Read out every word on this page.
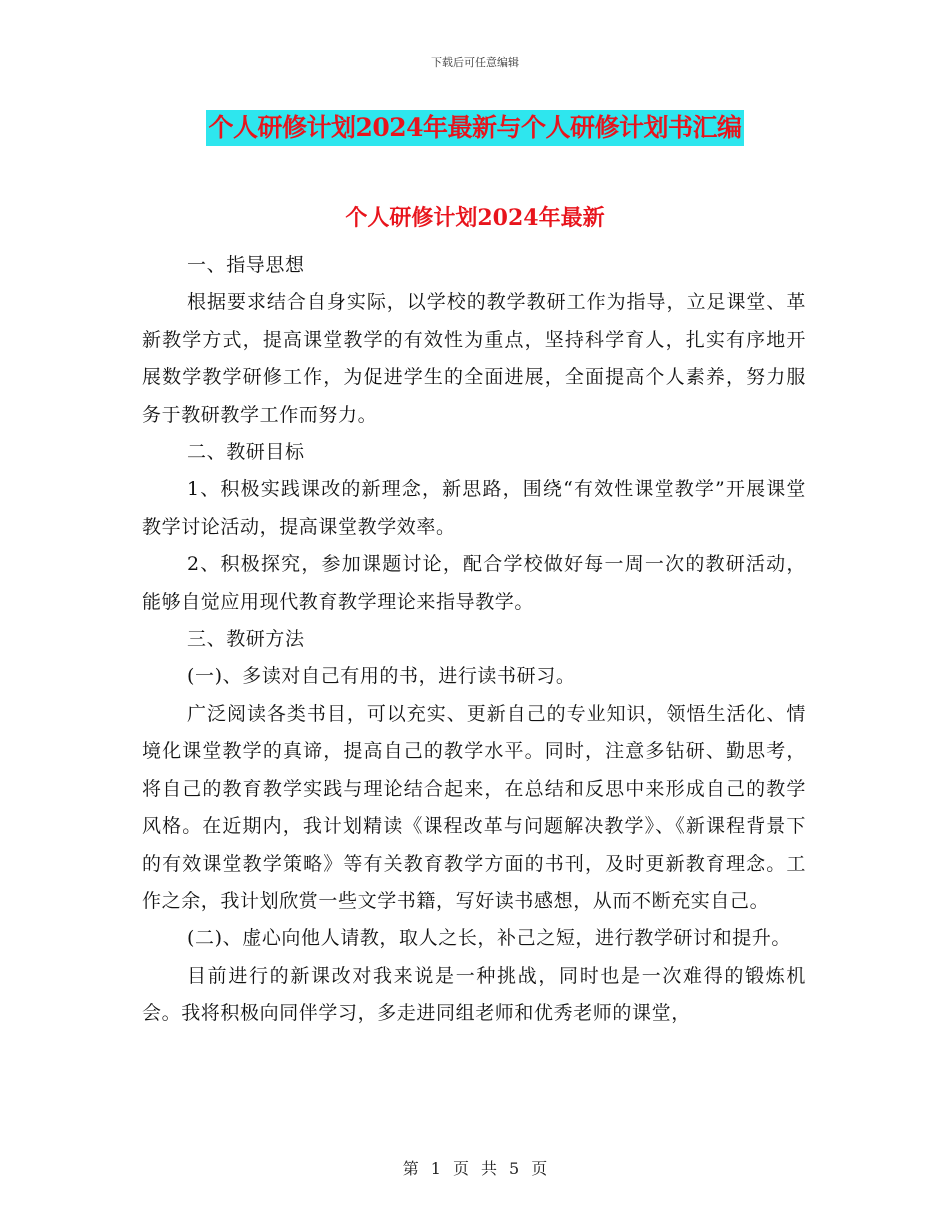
下载后可任意编辑
个人研修计划2024年最新与个人研修计划书汇编
个人研修计划2024年最新

一、指导思想

根据要求结合自身实际，以学校的教学教研工作为指导，立足课堂、革新教学方式，提高课堂教学的有效性为重点，坚持科学育人，扎实有序地开展数学教学研修工作，为促进学生的全面进展，全面提高个人素养，努力服务于教研教学工作而努力。

二、教研目标

1、积极实践课改的新理念，新思路，围绕“有效性课堂教学”开展课堂教学讨论活动，提高课堂教学效率。

2、积极探究，参加课题讨论，配合学校做好每一周一次的教研活动，能够自觉应用现代教育教学理论来指导教学。

三、教研方法

(一)、多读对自己有用的书，进行读书研习。

广泛阅读各类书目，可以充实、更新自己的专业知识，领悟生活化、情境化课堂教学的真谛，提高自己的教学水平。同时，注意多钻研、勤思考，将自己的教育教学实践与理论结合起来，在总结和反思中来形成自己的教学风格。在近期内，我计划精读《课程改革与问题解决教学》、《新课程背景下的有效课堂教学策略》等有关教育教学方面的书刊，及时更新教育理念。工作之余，我计划欣赏一些文学书籍，写好读书感想，从而不断充实自己。

(二)、虚心向他人请教，取人之长，补己之短，进行教学研讨和提升。

目前进行的新课改对我来说是一种挑战，同时也是一次难得的锻炼机会。我将积极向同伴学习，多走进同组老师和优秀老师的课堂，

第 1 页 共 5 页
